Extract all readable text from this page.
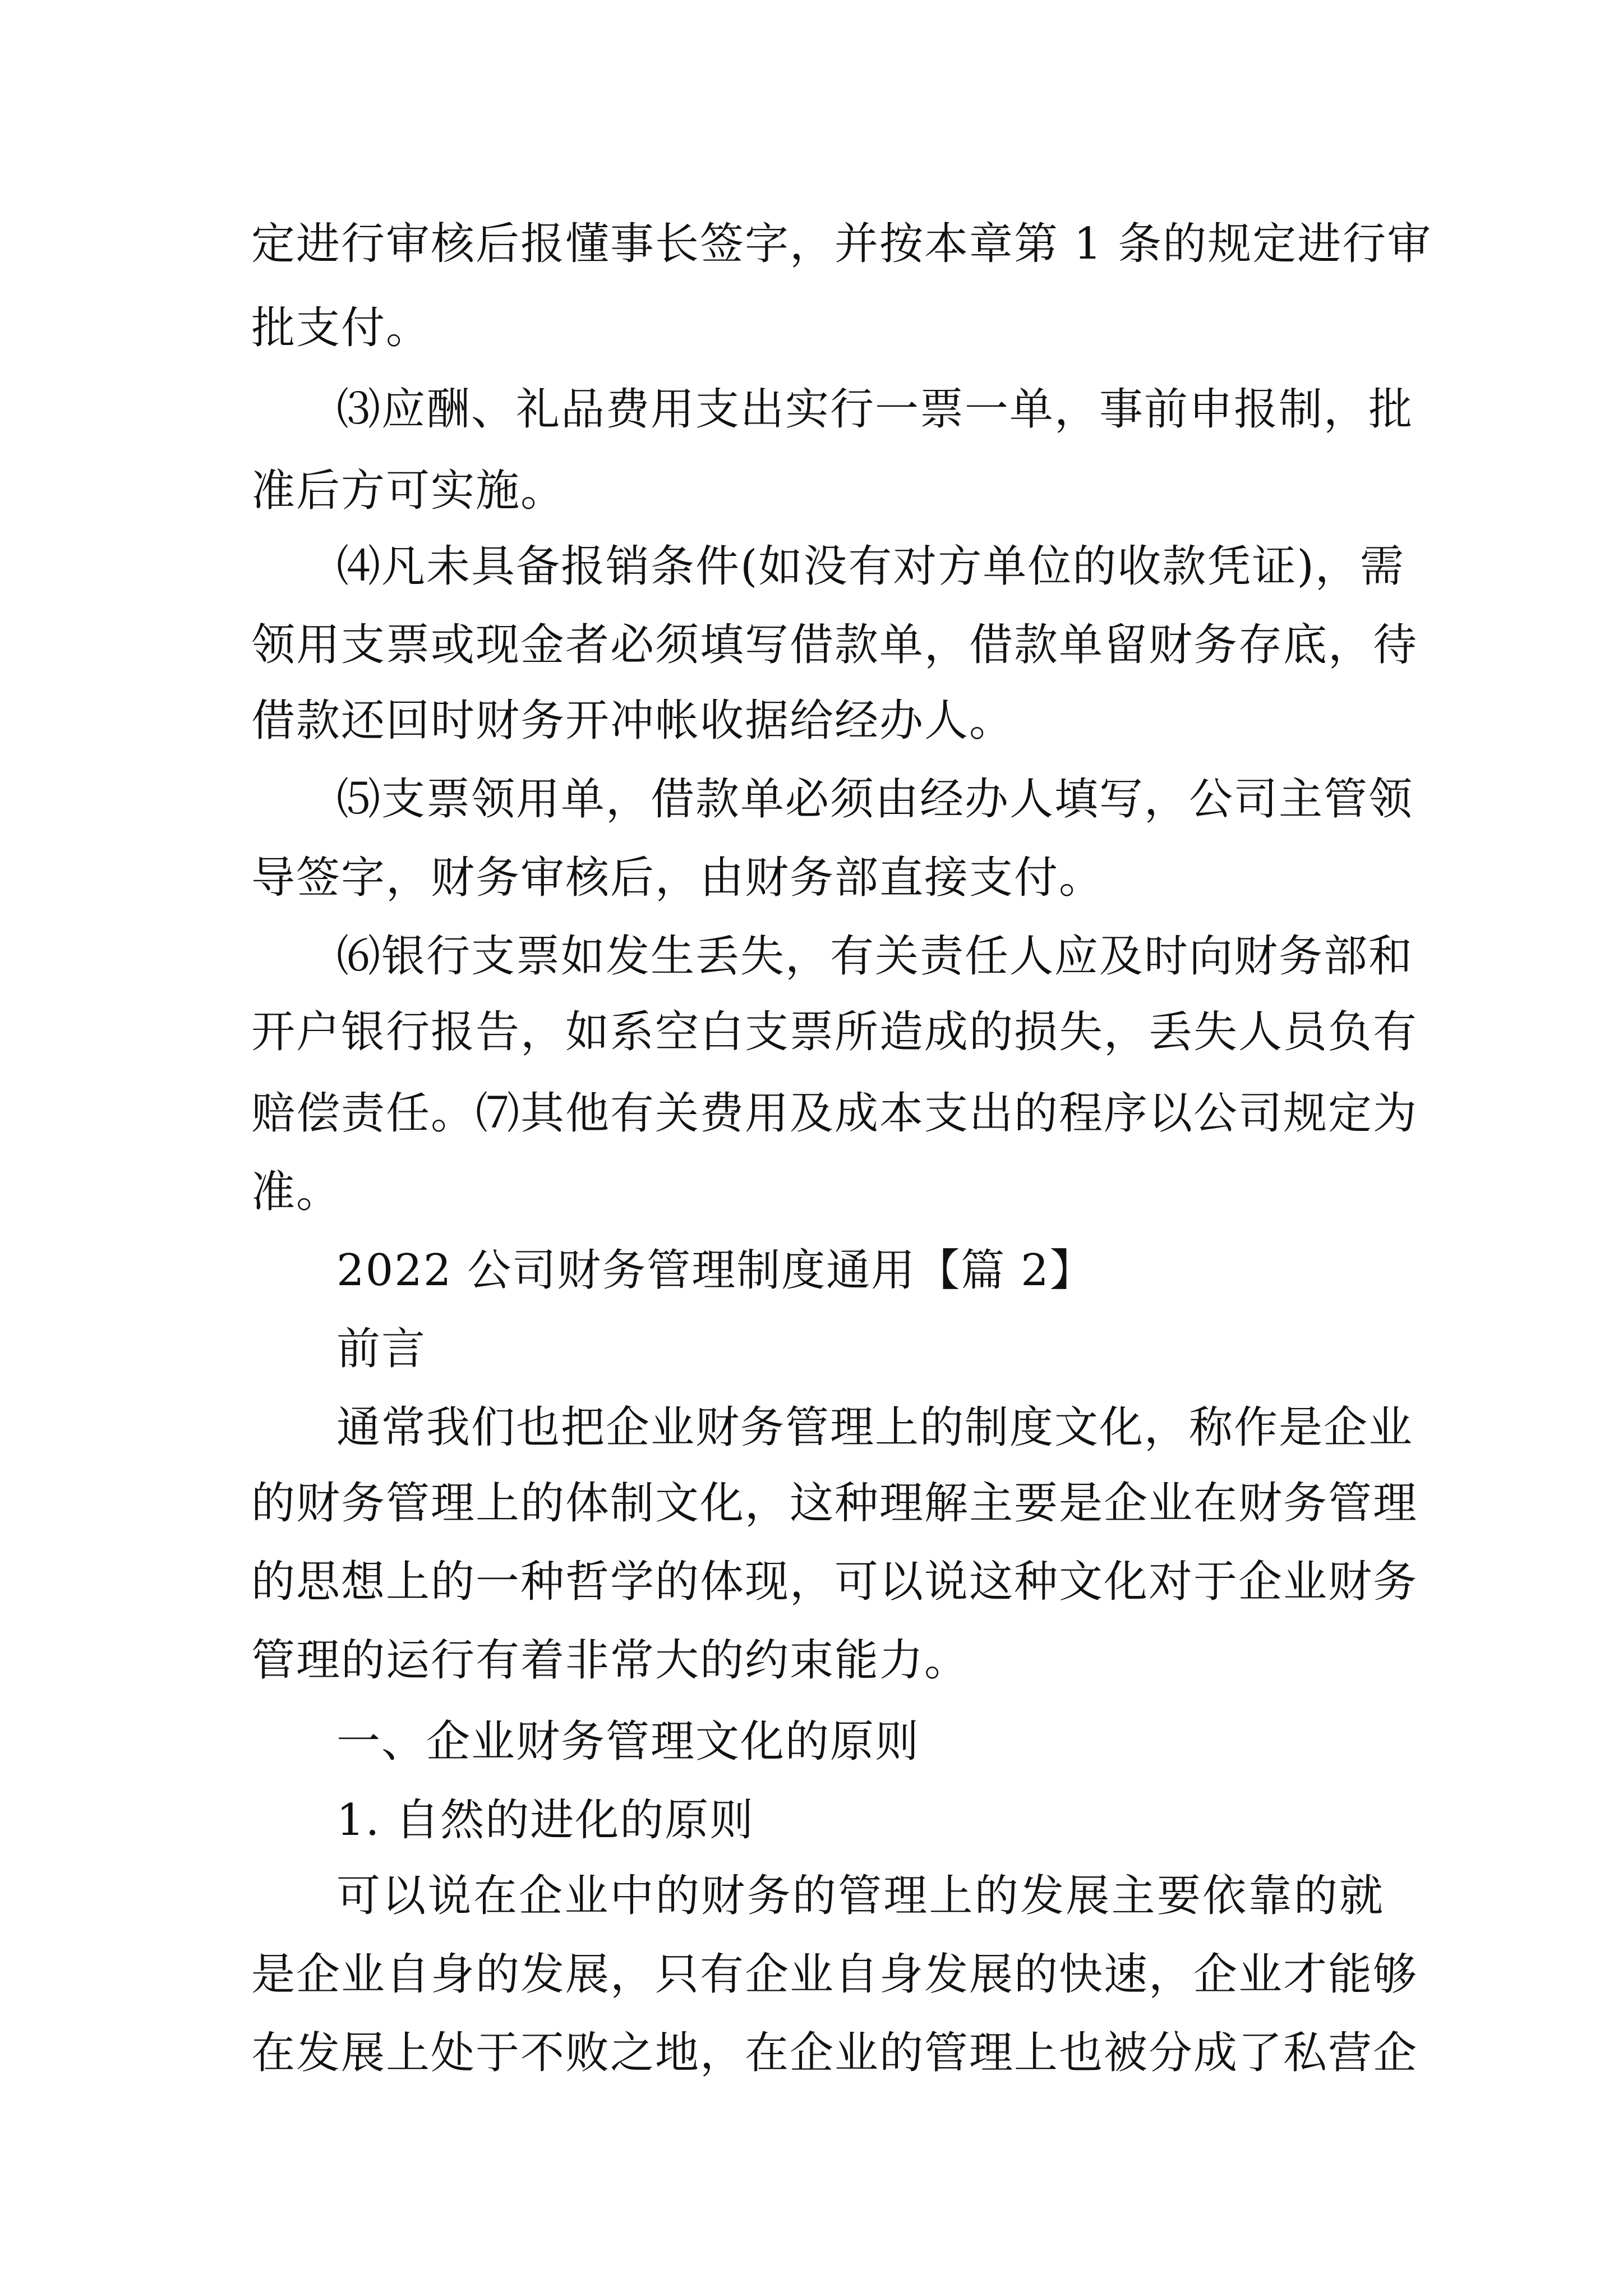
定进行审核后报懂事长签字，并按本章第 1 条的规定进行审
批支付。
⑶应酬、礼品费用支出实行一票一单，事前申报制，批
准后方可实施。
⑷凡未具备报销条件(如没有对方单位的收款凭证)，需
领用支票或现金者必须填写借款单，借款单留财务存底，待
借款还回时财务开冲帐收据给经办人。
⑸支票领用单，借款单必须由经办人填写，公司主管领
导签字，财务审核后，由财务部直接支付。
⑹银行支票如发生丢失，有关责任人应及时向财务部和
开户银行报告，如系空白支票所造成的损失，丢失人员负有
赔偿责任。⑺其他有关费用及成本支出的程序以公司规定为
准。
2022 公司财务管理制度通用【篇 2】
前言
通常我们也把企业财务管理上的制度文化，称作是企业
的财务管理上的体制文化，这种理解主要是企业在财务管理
的思想上的一种哲学的体现，可以说这种文化对于企业财务
管理的运行有着非常大的约束能力。
一、企业财务管理文化的原则
1. 自然的进化的原则
可以说在企业中的财务的管理上的发展主要依靠的就
是企业自身的发展，只有企业自身发展的快速，企业才能够
在发展上处于不败之地，在企业的管理上也被分成了私营企
